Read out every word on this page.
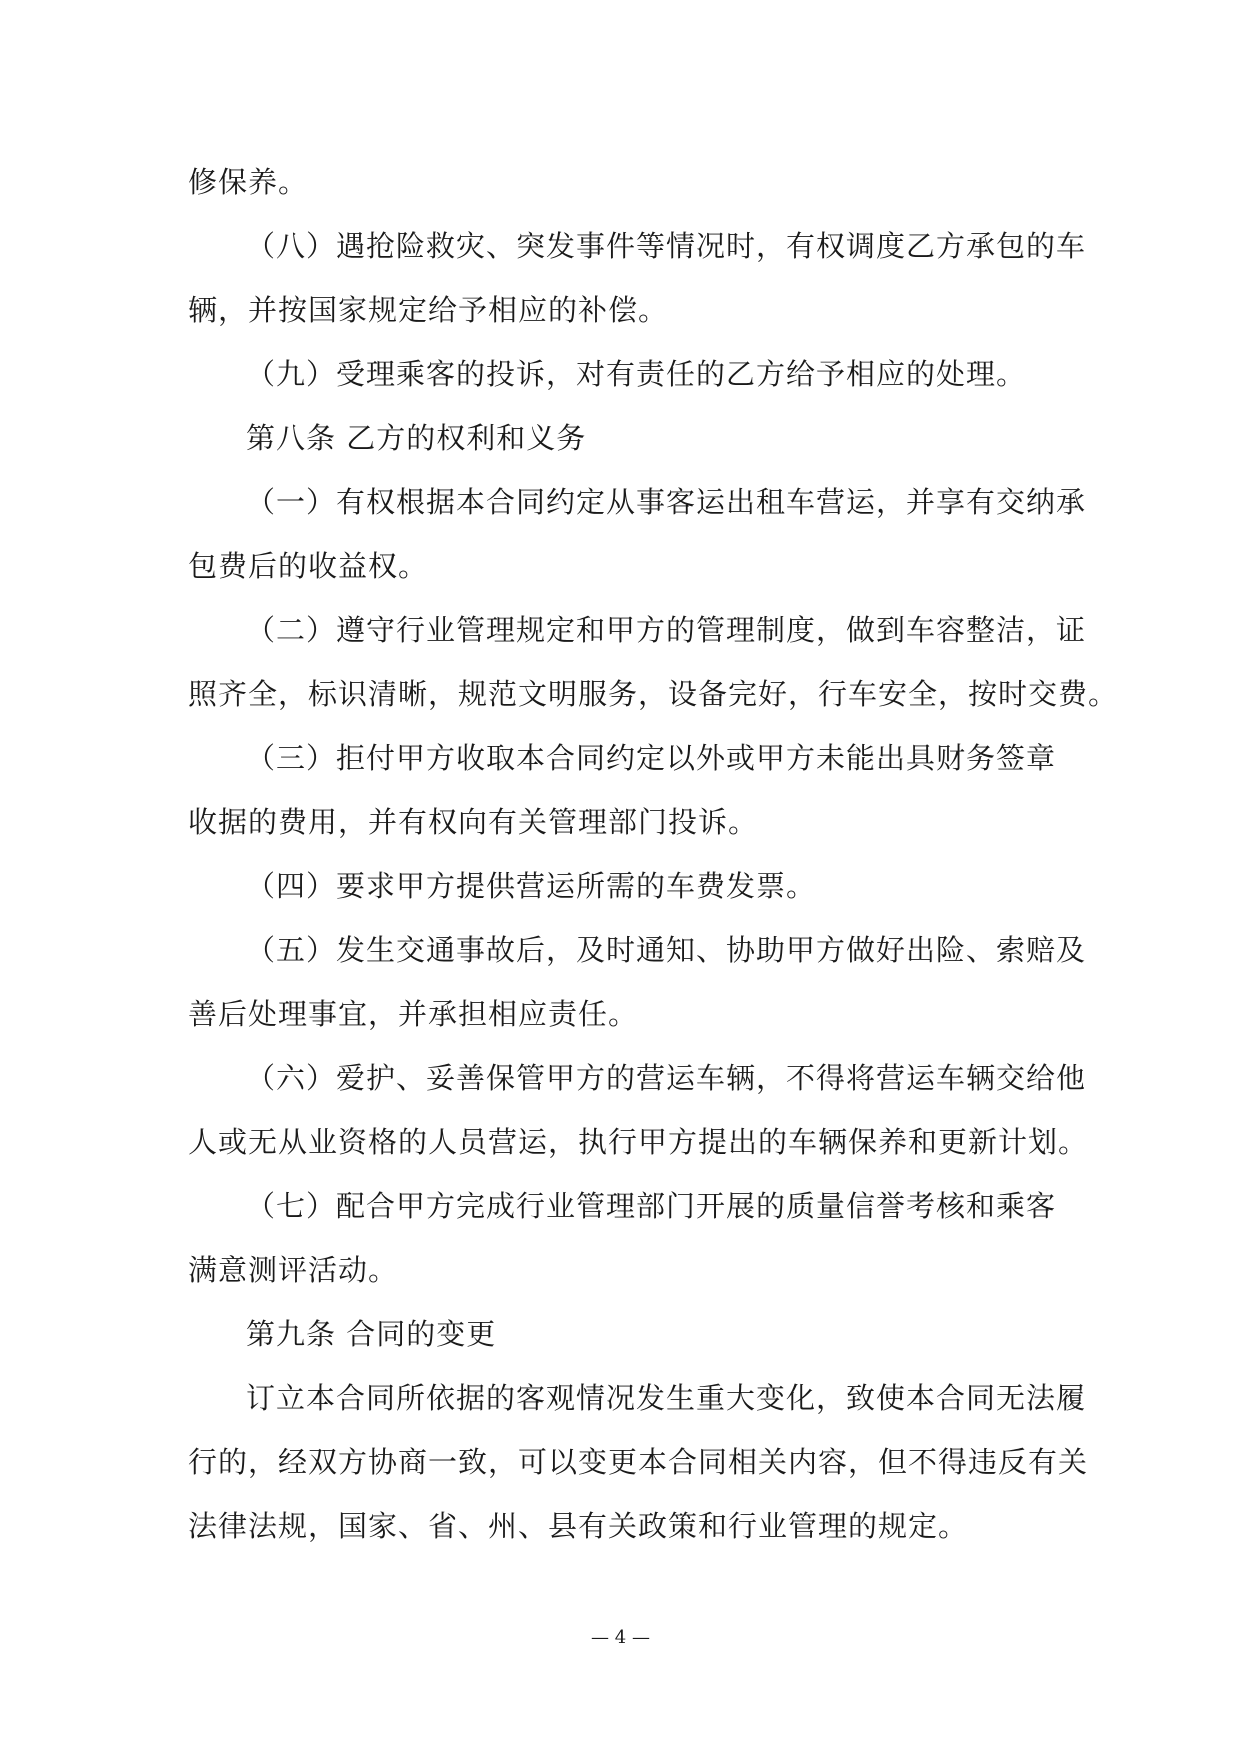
修保养。
（八）遇抢险救灾、突发事件等情况时，有权调度乙方承包的车
辆，并按国家规定给予相应的补偿。
（九）受理乘客的投诉，对有责任的乙方给予相应的处理。
第八条 乙方的权利和义务
（一）有权根据本合同约定从事客运出租车营运，并享有交纳承
包费后的收益权。
（二）遵守行业管理规定和甲方的管理制度，做到车容整洁，证
照齐全，标识清晰，规范文明服务，设备完好，行车安全，按时交费。
（三）拒付甲方收取本合同约定以外或甲方未能出具财务签章
收据的费用，并有权向有关管理部门投诉。
（四）要求甲方提供营运所需的车费发票。
（五）发生交通事故后，及时通知、协助甲方做好出险、索赔及
善后处理事宜，并承担相应责任。
（六）爱护、妥善保管甲方的营运车辆，不得将营运车辆交给他
人或无从业资格的人员营运，执行甲方提出的车辆保养和更新计划。
（七）配合甲方完成行业管理部门开展的质量信誉考核和乘客
满意测评活动。
第九条 合同的变更
订立本合同所依据的客观情况发生重大变化，致使本合同无法履
行的，经双方协商一致，可以变更本合同相关内容，但不得违反有关
法律法规，国家、省、州、县有关政策和行业管理的规定。
— 4 —
